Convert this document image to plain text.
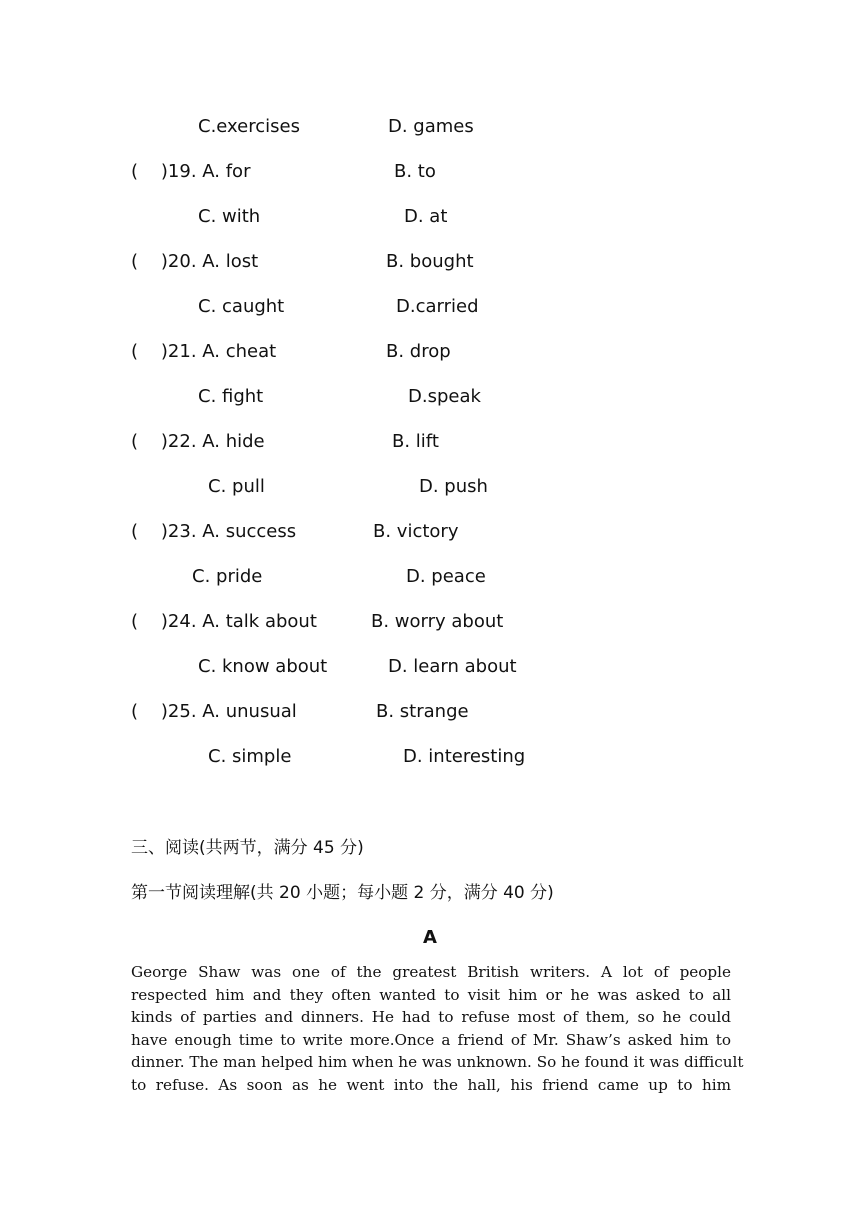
C.exercises	D. games
(    )19. A. for	B. to
C. with	D. at
(    )20. A. lost	B. bought
C. caught	D.carried
(    )21. A. cheat	B. drop
C. fight	D.speak
(    )22. A. hide	B. lift
C. pull	D. push
(    )23. A. success	B. victory
C. pride	D. peace
(    )24. A. talk about	B. worry about
C. know about	D. learn about
(    )25. A. unusual	B. strange
C. simple	D. interesting
三、阅读(共两节，满分 45 分)
第一节阅读理解(共 20 小题；每小题 2 分，满分 40 分)
A
George Shaw was one of the greatest British writers. A lot of people
respected him and they often wanted to visit him or he was asked to all
kinds of parties and dinners. He had to refuse most of them, so he could
have enough time to write more.Once a friend of Mr. Shaw’s asked him to
dinner. The man helped him when he was unknown. So he found it was difficult
to refuse. As soon as he went into the hall, his friend came up to him
